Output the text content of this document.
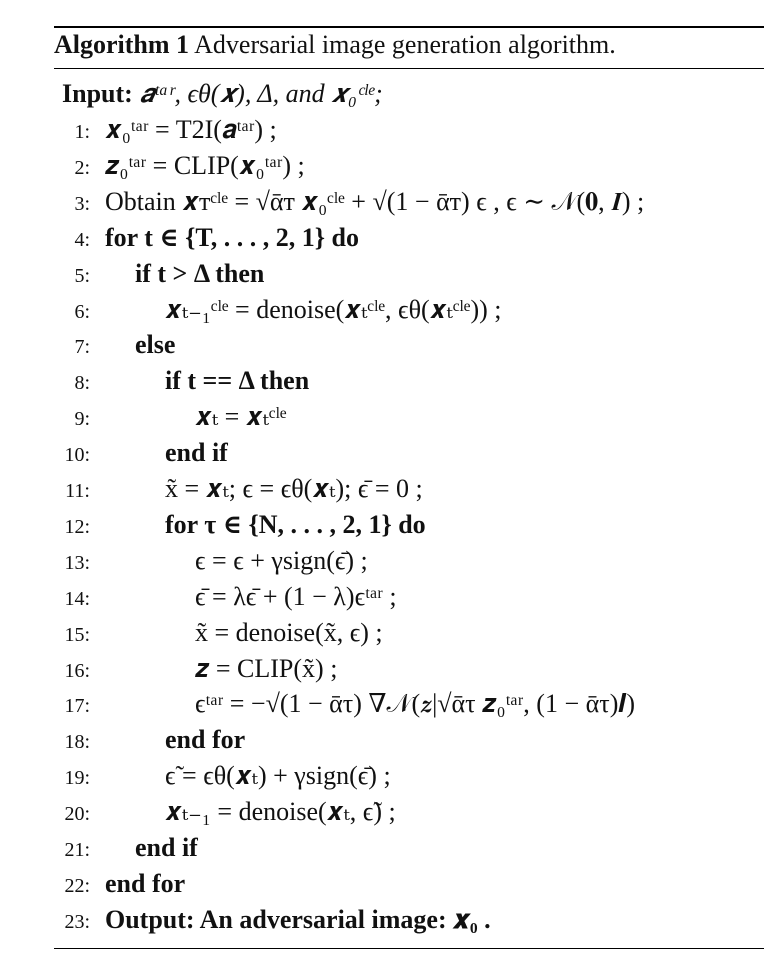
Algorithm 1 Adversarial image generation algorithm.
Input: 𝒂ᵗᵃʳ, ϵθ(𝒙), Δ, and 𝒙₀ᶜˡᵉ;
1: 𝒙₀ᵗᵃʳ = T2I(𝒂ᵗᵃʳ) ;
2: 𝒛₀ᵗᵃʳ = CLIP(𝒙₀ᵗᵃʳ) ;
3: Obtain 𝒙ᴛᶜˡᵉ = √ᾱᴛ 𝒙₀ᶜˡᵉ + √(1 − ᾱᴛ) ϵ , ϵ ∼ 𝒩(𝟎, 𝑰) ;
4: for t ∈ {T, . . . , 2, 1} do
5: if t > Δ then
6:	𝒙ₜ₋₁ᶜˡᵉ = denoise(𝒙ₜᶜˡᵉ, ϵθ(𝒙ₜᶜˡᵉ)) ;
7: else
8:	if t == Δ then
9:	𝒙ₜ = 𝒙ₜᶜˡᵉ
10:	end if
11:	x̃ = 𝒙ₜ; ϵ = ϵθ(𝒙ₜ); ϵ̄ = 0 ;
12:	for τ ∈ {N, . . . , 2, 1} do
13:	ϵ = ϵ + γsign(ϵ̄) ;
14:	ϵ̄ = λϵ̄ + (1 − λ)ϵᵗᵃʳ ;
15:	x̃ = denoise(x̃, ϵ) ;
16:	𝒛 = CLIP(x̃) ;
17:	ϵᵗᵃʳ = −√(1 − ᾱτ) ∇𝒩(𝒛|√ᾱτ 𝒛₀ᵗᵃʳ, (1 − ᾱτ)𝑰)
18:	end for
19:	ϵ̃ = ϵθ(𝒙ₜ) + γsign(ϵ̄) ;
20:	𝒙ₜ₋₁ = denoise(𝒙ₜ, ϵ̃) ;
21: end if
22: end for
23: Output: An adversarial image: 𝒙₀ .
